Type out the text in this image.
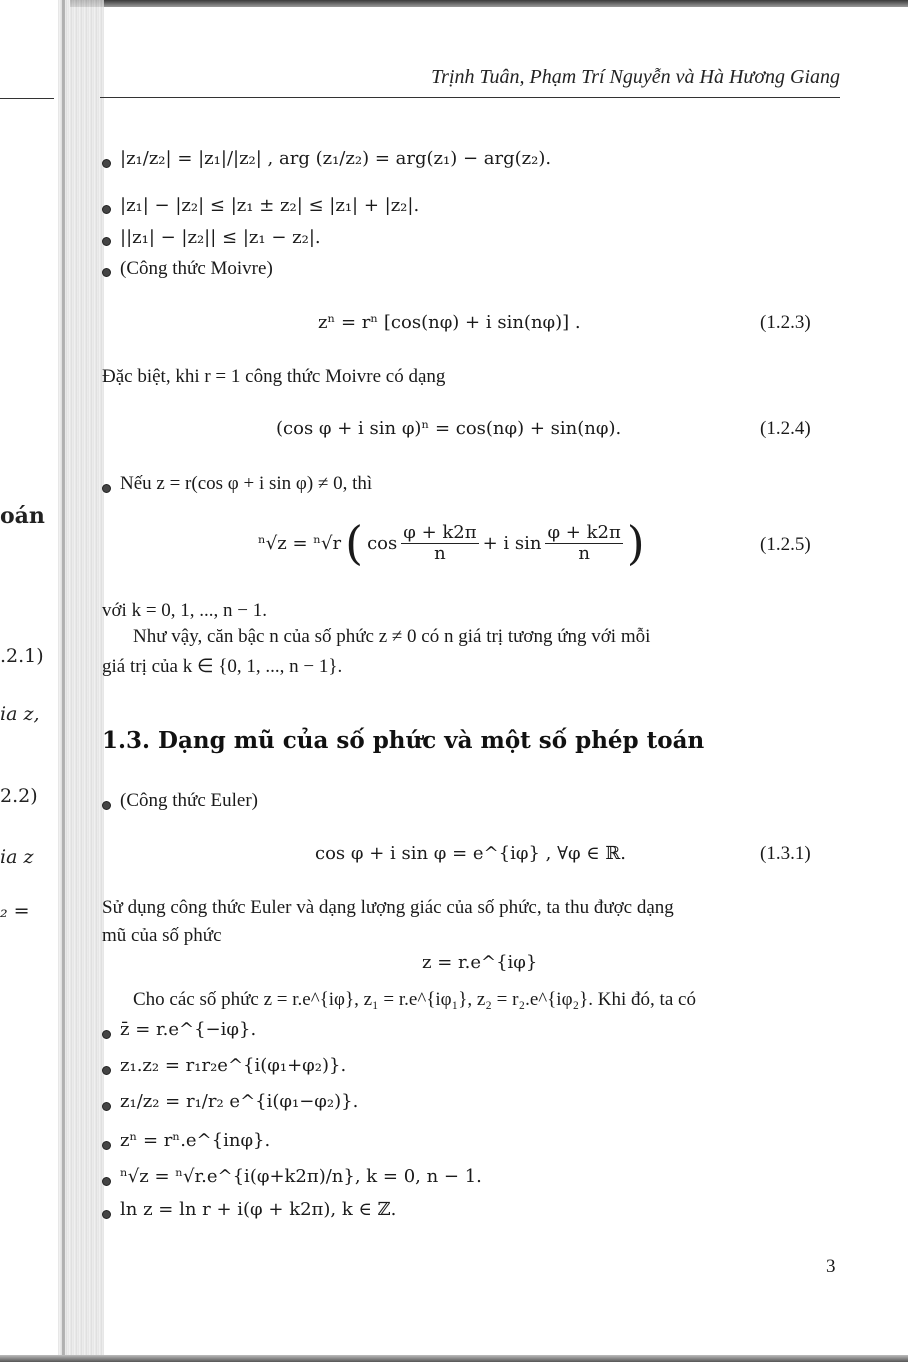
oán
.2.1)
ia z,
2.2)
ia z
₂ =
Trịnh Tuân, Phạm Trí Nguyễn và Hà Hương Giang
|z₁/z₂| = |z₁|/|z₂| , arg (z₁/z₂) = arg(z₁) − arg(z₂).
|z₁| − |z₂| ≤ |z₁ ± z₂| ≤ |z₁| + |z₂|.
||z₁| − |z₂|| ≤ |z₁ − z₂|.
(Công thức Moivre)
zⁿ = rⁿ [cos(nφ) + i sin(nφ)] .	(1.2.3)
Đặc biệt, khi r = 1 công thức Moivre có dạng
(cos φ + i sin φ)ⁿ = cos(nφ) + sin(nφ).	(1.2.4)
Nếu z = r(cos φ + i sin φ) ≠ 0, thì
ⁿ√z = ⁿ√r ( $\cos \frac{\varphi + k2\pi}{n} + i$ $\sin \frac{\varphi + k2\pi}{n}$ )	(1.2.5)
với k = 0, 1, ..., n − 1.
Như vậy, căn bậc n của số phức z ≠ 0 có n giá trị tương ứng với mỗi
giá trị của k ∈ {0, 1, ..., n − 1}.
1.3. Dạng mũ của số phức và một số phép toán
(Công thức Euler)
cos φ + i sin φ = e^{iφ} , ∀φ ∈ ℝ.	(1.3.1)
Sử dụng công thức Euler và dạng lượng giác của số phức, ta thu được dạng
mũ của số phức
z = r.e^{iφ}
Cho các số phức z = r.e^{iφ}, z₁ = r.e^{iφ₁}, z₂ = r₂.e^{iφ₂}. Khi đó, ta có
z̄ = r.e^{−iφ}.
z₁.z₂ = r₁r₂e^{i(φ₁+φ₂)}.
z₁/z₂ = r₁/r₂ e^{i(φ₁−φ₂)}.
zⁿ = rⁿ.e^{inφ}.
ⁿ√z = ⁿ√r.e^{i(φ+k2π)/n}, k = 0, n − 1.
ln z = ln r + i(φ + k2π), k ∈ ℤ.
3
